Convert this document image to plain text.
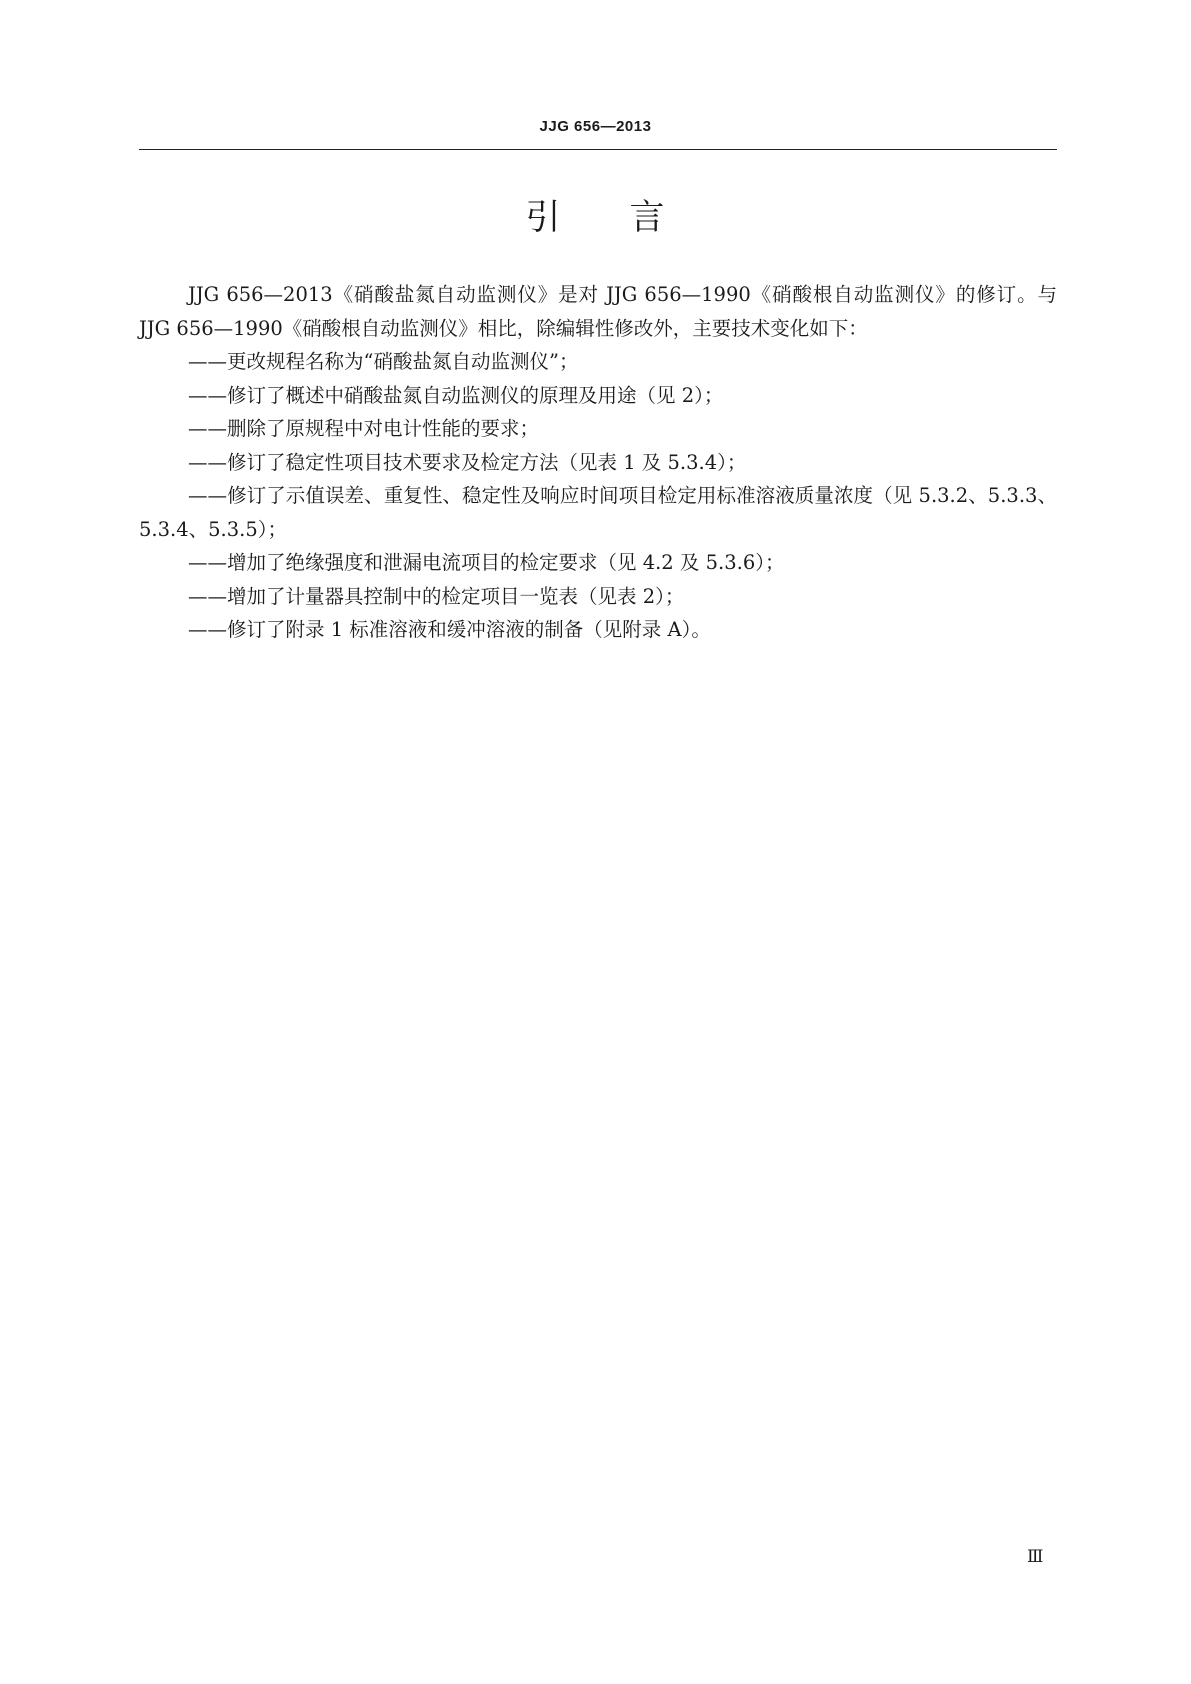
JJG 656—2013
引 言

JJG 656—2013《硝酸盐氮自动监测仪》是对 JJG 656—1990《硝酸根自动监测仪》的修订。与 JJG 656—1990《硝酸根自动监测仪》相比，除编辑性修改外，主要技术变化如下：

——更改规程名称为“硝酸盐氮自动监测仪”；

——修订了概述中硝酸盐氮自动监测仪的原理及用途（见 2）；

——删除了原规程中对电计性能的要求；

——修订了稳定性项目技术要求及检定方法（见表 1 及 5.3.4）；

——修订了示值误差、重复性、稳定性及响应时间项目检定用标准溶液质量浓度（见 5.3.2、5.3.3、5.3.4、5.3.5）；

——增加了绝缘强度和泄漏电流项目的检定要求（见 4.2 及 5.3.6）；

——增加了计量器具控制中的检定项目一览表（见表 2）；

——修订了附录 1 标准溶液和缓冲溶液的制备（见附录 A）。

Ⅲ
